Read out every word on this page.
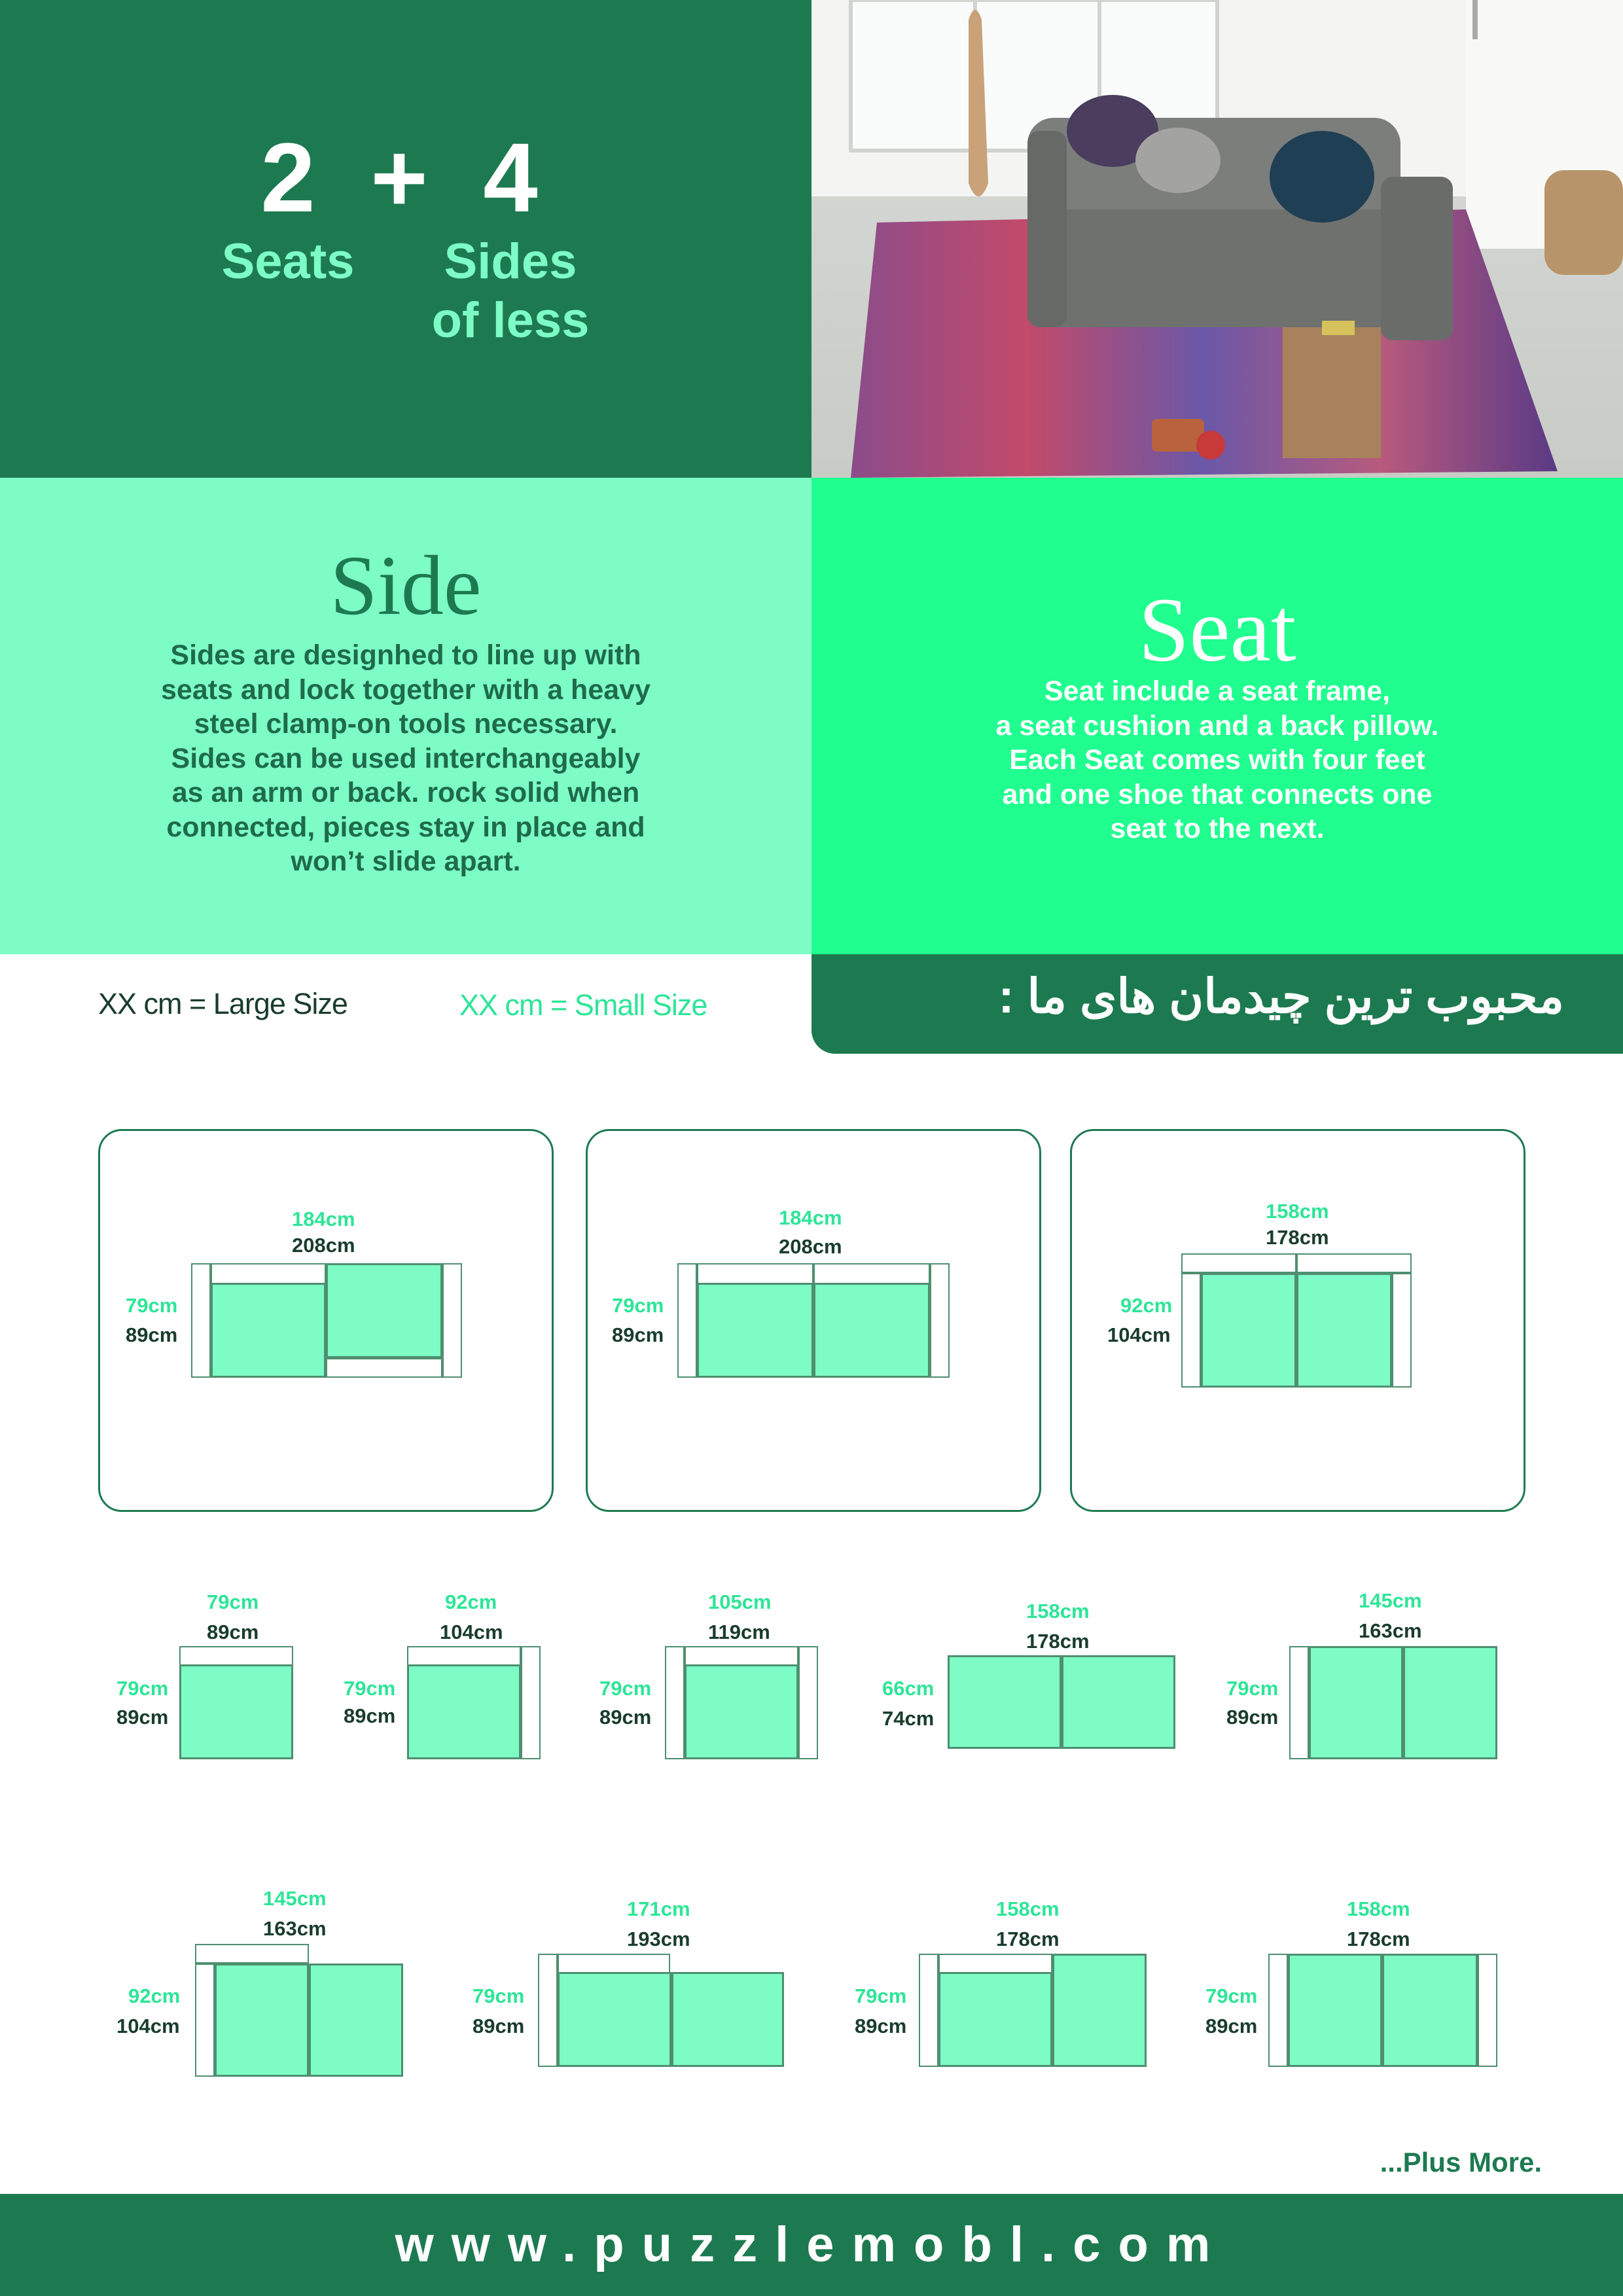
2 + 4
Seats	Sides
of less
Side
Sides are designhed to line up with
seats and lock together with a heavy
steel clamp-on tools necessary.
Sides can be used interchangeably
as an arm or back. rock solid when
connected, pieces stay in place and
won’t slide apart.
Seat
Seat include a seat frame,
a seat cushion and a back pillow.
Each Seat comes with four feet
and one shoe that connects one
seat to the next.
XX cm = Large Size	XX cm = Small Size	محبوب ترین چیدمان های ما :
184cm
208cm
79cm
89cm
184cm
208cm
79cm
89cm
158cm
178cm
92cm
104cm
79cm
89cm
79cm
89cm
92cm
104cm
79cm
89cm
105cm
119cm
79cm
89cm
158cm
178cm
66cm
74cm
145cm
163cm
79cm
89cm
145cm
163cm
92cm
104cm
171cm
193cm
79cm
89cm
158cm
178cm
79cm
89cm
158cm
178cm
79cm
89cm
...Plus More.
www.puzzlemobl.com
